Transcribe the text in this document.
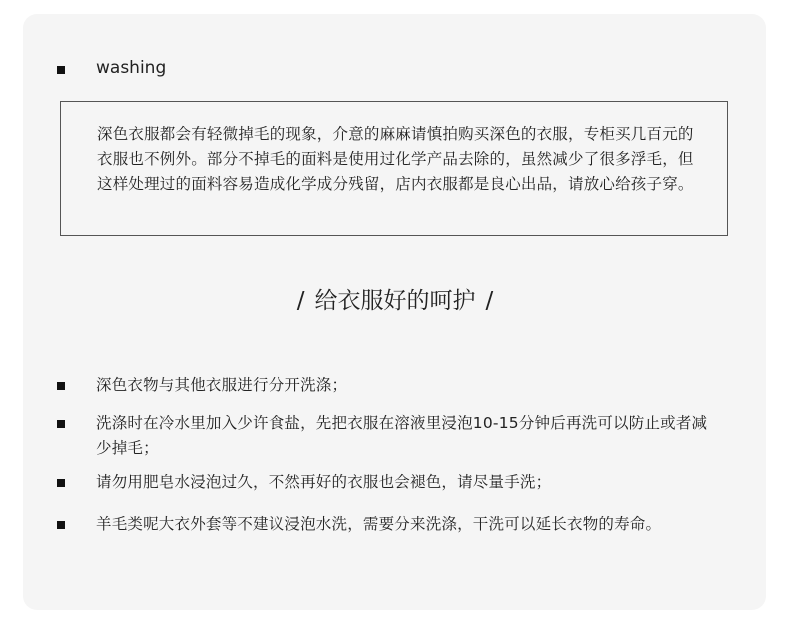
washing
深色衣服都会有轻微掉毛的现象，介意的麻麻请慎拍购买深色的衣服，专柜买几百元的衣服也不例外。部分不掉毛的面料是使用过化学产品去除的，虽然减少了很多浮毛，但这样处理过的面料容易造成化学成分残留，店内衣服都是良心出品，请放心给孩子穿。
/ 给衣服好的呵护 /
深色衣物与其他衣服进行分开洗涤；
洗涤时在冷水里加入少许食盐，先把衣服在溶液里浸泡10-15分钟后再洗可以防止或者减少掉毛；
请勿用肥皂水浸泡过久，不然再好的衣服也会褪色，请尽量手洗；
羊毛类呢大衣外套等不建议浸泡水洗，需要分来洗涤，干洗可以延长衣物的寿命。
